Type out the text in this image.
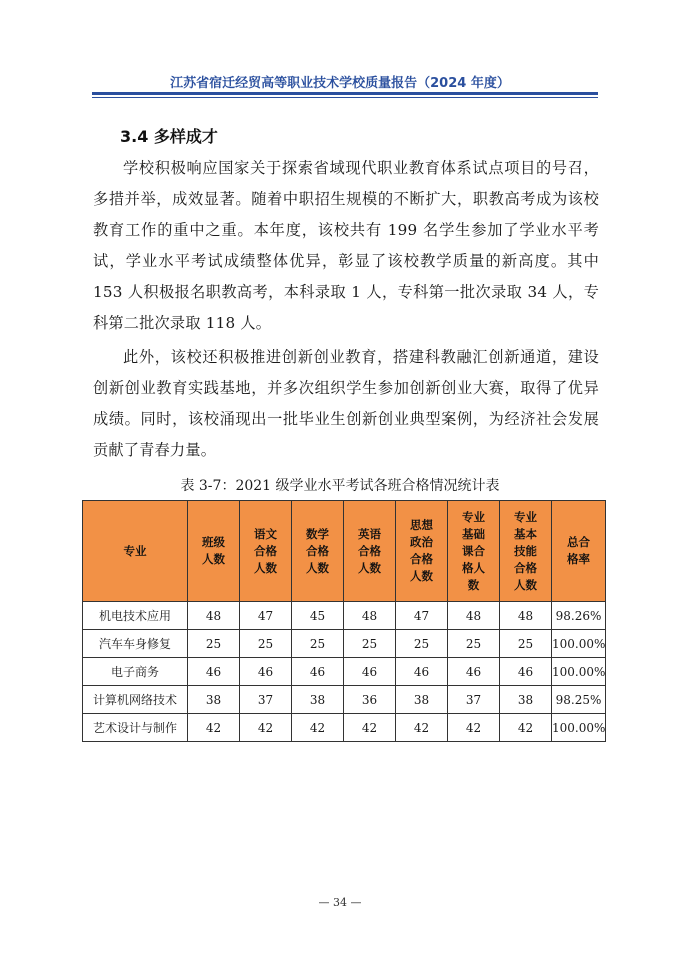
江苏省宿迁经贸高等职业技术学校质量报告（2024 年度）
3.4 多样成才
学校积极响应国家关于探索省域现代职业教育体系试点项目的号召，多措并举，成效显著。随着中职招生规模的不断扩大，职教高考成为该校教育工作的重中之重。本年度，该校共有 199 名学生参加了学业水平考试，学业水平考试成绩整体优异，彰显了该校教学质量的新高度。其中 153 人积极报名职教高考，本科录取 1 人，专科第一批次录取 34 人，专科第二批次录取 118 人。
此外，该校还积极推进创新创业教育，搭建科教融汇创新通道，建设创新创业教育实践基地，并多次组织学生参加创新创业大赛，取得了优异成绩。同时，该校涌现出一批毕业生创新创业典型案例，为经济社会发展贡献了青春力量。
表 3-7：2021 级学业水平考试各班合格情况统计表
专业	班级人数	语文合格人数	数学合格人数	英语合格人数	思想政治合格人数	专业基础课合格人数	专业基本技能合格人数	总合格率
机电技术应用	48	47	45	48	47	48	48	98.26%
汽车车身修复	25	25	25	25	25	25	25	100.00%
电子商务	46	46	46	46	46	46	46	100.00%
计算机网络技术	38	37	38	36	38	37	38	98.25%
艺术设计与制作	42	42	42	42	42	42	42	100.00%
— 34 —
